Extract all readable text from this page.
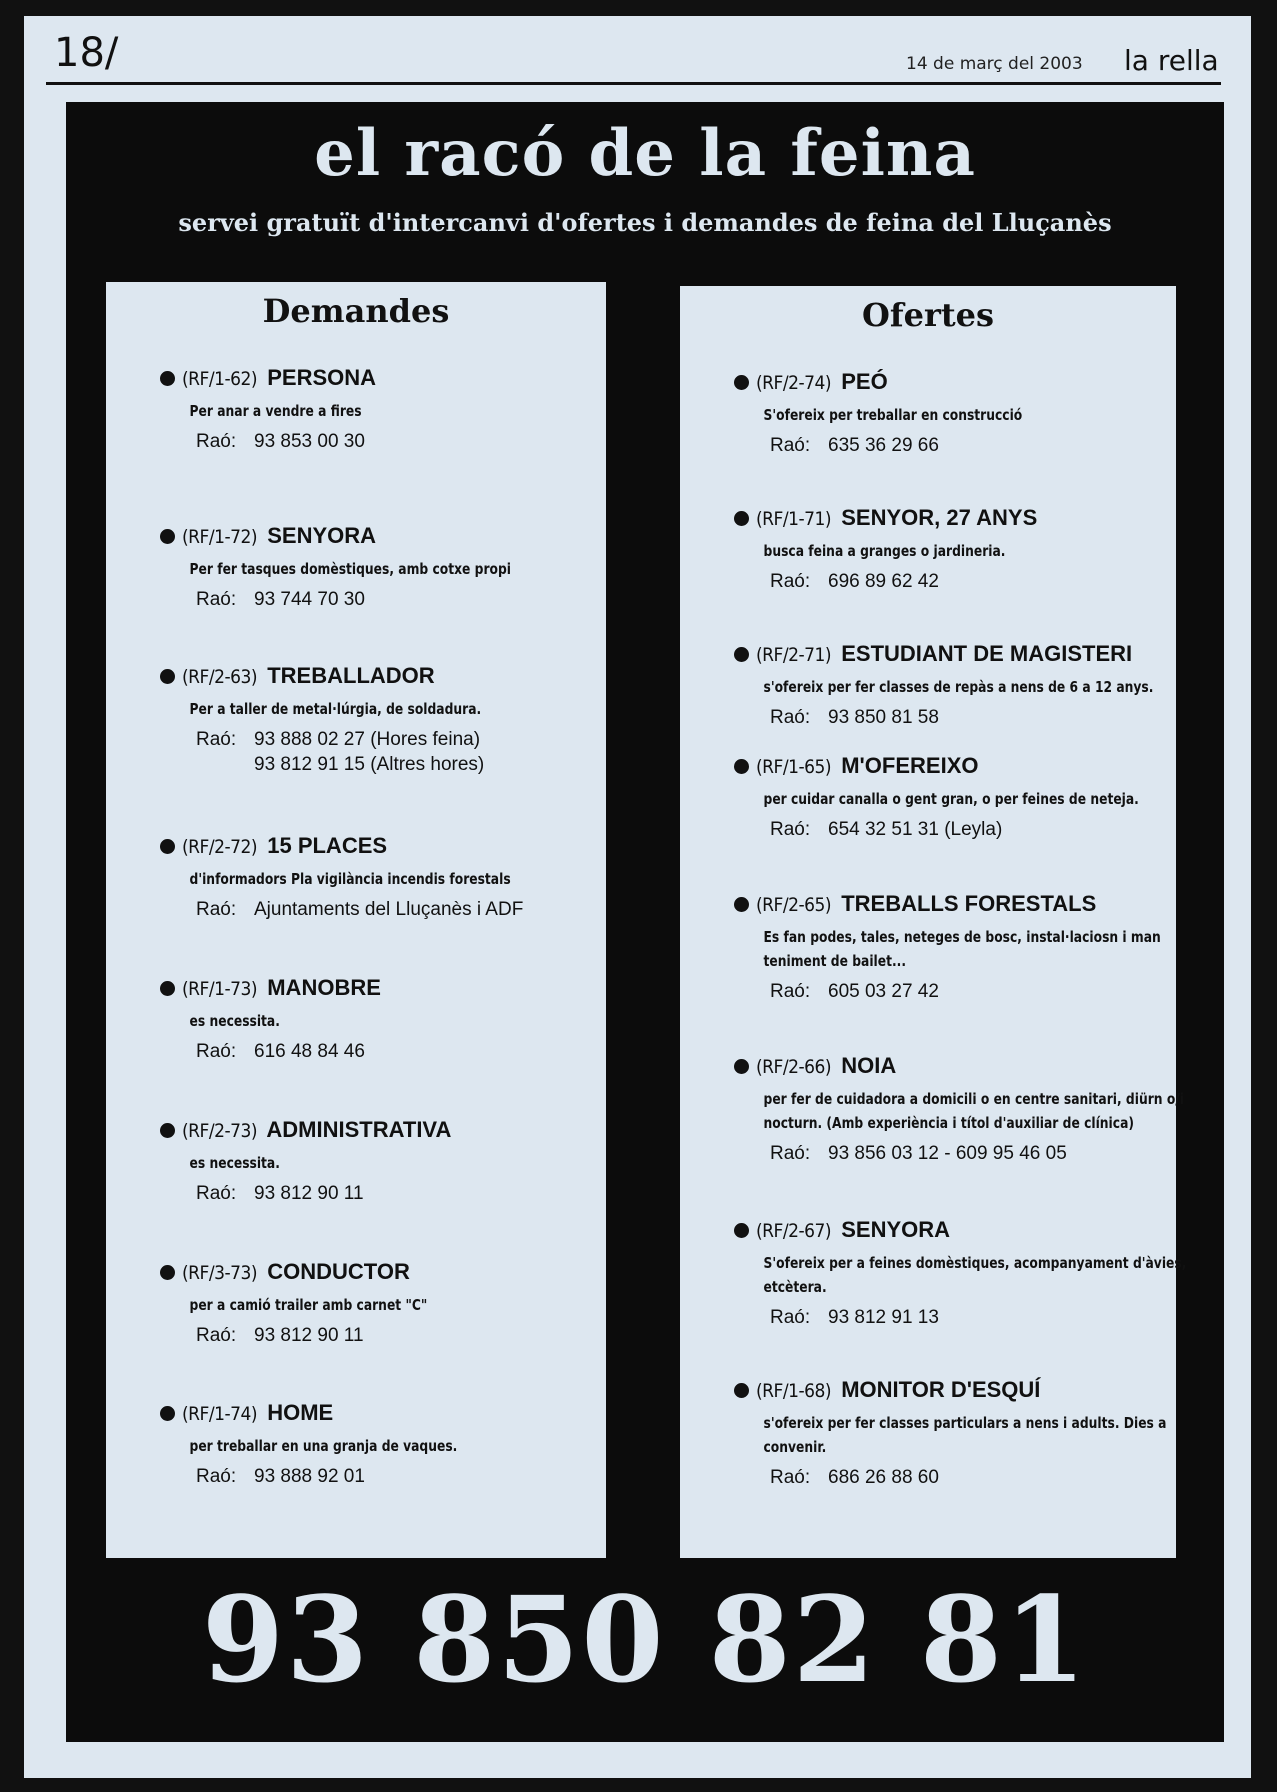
18/	14 de març del 2003 la rella
el racó de la feina
servei gratuït d'intercanvi d'ofertes i demandes de feina del Lluçanès
Demandes
(RF/1-62) PERSONA
Per anar a vendre a fires
Raó: 93 853 00 30
(RF/1-72) SENYORA
Per fer tasques domèstiques, amb cotxe propi
Raó: 93 744 70 30
(RF/2-63) TREBALLADOR
Per a taller de metal·lúrgia, de soldadura.
Raó: 93 888 02 27 (Hores feina)
93 812 91 15 (Altres hores)
(RF/2-72) 15 PLACES
d'informadors Pla vigilància incendis forestals
Raó: Ajuntaments del Lluçanès i ADF
(RF/1-73) MANOBRE
es necessita.
Raó: 616 48 84 46
(RF/2-73) ADMINISTRATIVA
es necessita.
Raó: 93 812 90 11
(RF/3-73) CONDUCTOR
per a camió trailer amb carnet "C"
Raó: 93 812 90 11
(RF/1-74) HOME
per treballar en una granja de vaques.
Raó: 93 888 92 01
Ofertes
(RF/2-74) PEÓ
S'ofereix per treballar en construcció
Raó: 635 36 29 66
(RF/1-71) SENYOR, 27 ANYS
busca feina a granges o jardineria.
Raó: 696 89 62 42
(RF/2-71) ESTUDIANT DE MAGISTERI
s'ofereix per fer classes de repàs a nens de 6 a 12 anys.
Raó: 93 850 81 58
(RF/1-65) M'OFEREIXO
per cuidar canalla o gent gran, o per feines de neteja.
Raó: 654 32 51 31 (Leyla)
(RF/2-65) TREBALLS FORESTALS
Es fan podes, tales, neteges de bosc, instal·laciosn i man teniment de bailet...
Raó: 605 03 27 42
(RF/2-66) NOIA
per fer de cuidadora a domicili o en centre sanitari, diürn o/i nocturn. (Amb experiència i títol d'auxiliar de clínica)
Raó: 93 856 03 12 - 609 95 46 05
(RF/2-67) SENYORA
S'ofereix per a feines domèstiques, acompanyament d'àvies, etcètera.
Raó: 93 812 91 13
(RF/1-68) MONITOR D'ESQUÍ
s'ofereix per fer classes particulars a nens i adults. Dies a convenir.
Raó: 686 26 88 60
93 850 82 81
